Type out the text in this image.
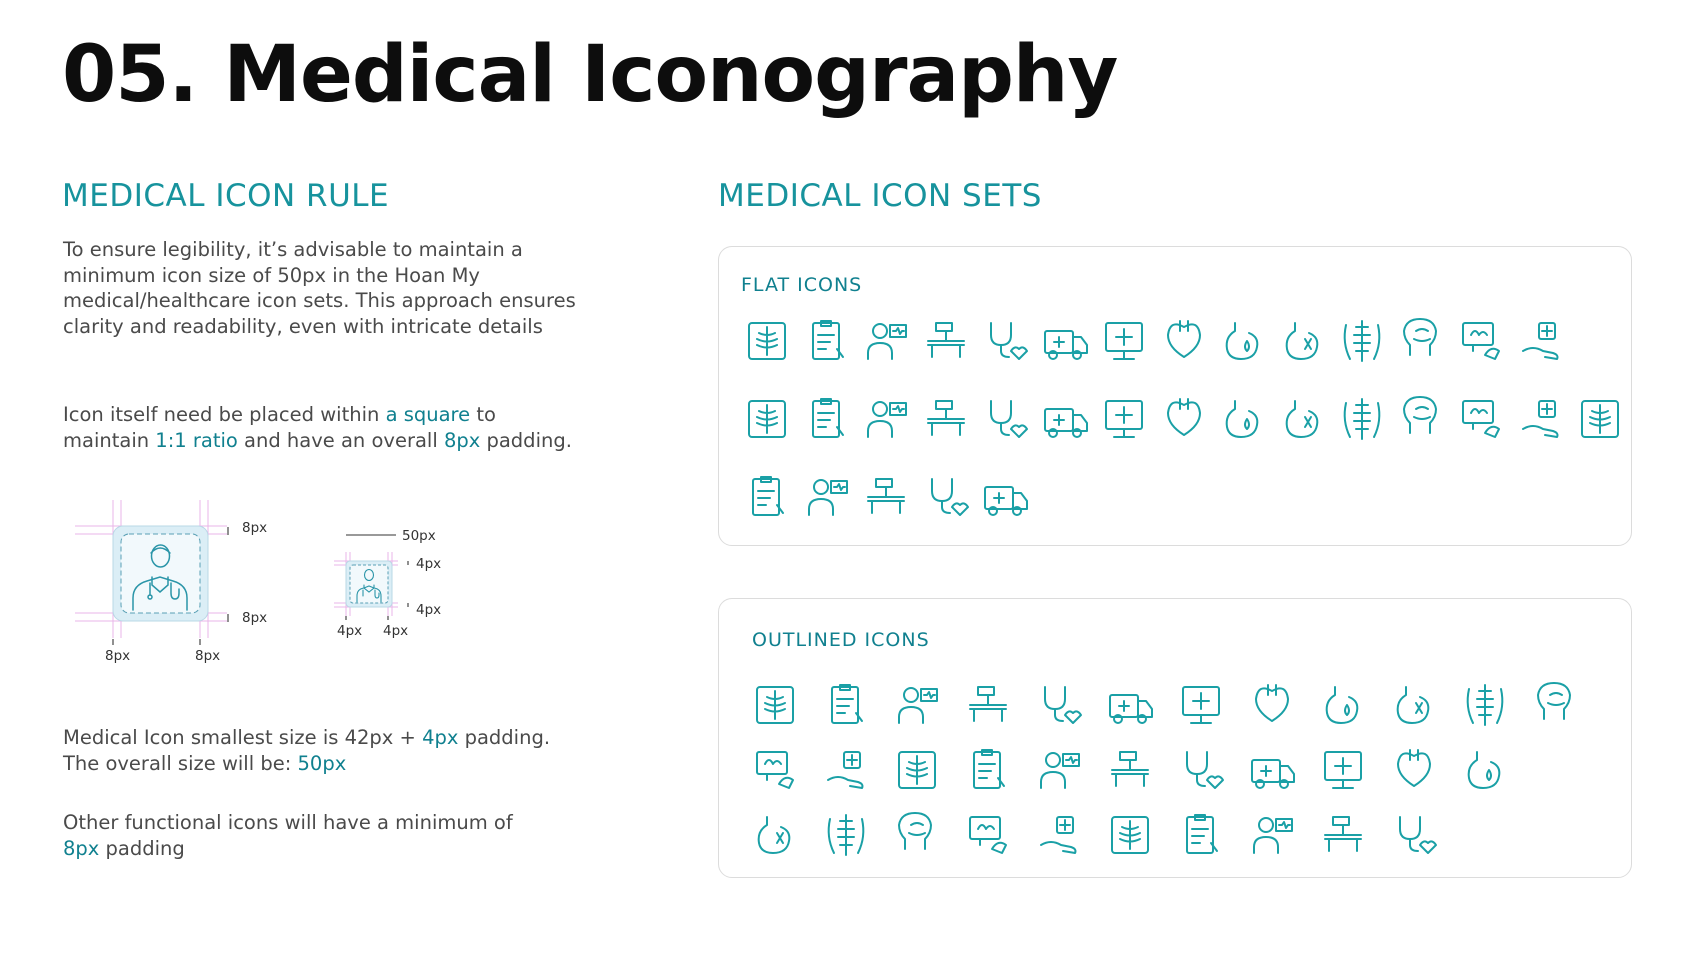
05. Medical Iconography
MEDICAL ICON RULE

To ensure legibility, it’s advisable to maintain a minimum icon size of 50px in the Hoan My medical/healthcare icon sets. This approach ensures clarity and readability, even with intricate details

Icon itself need be placed within a square to maintain 1:1 ratio and have an overall 8px padding.

8px
8px
8px	8px
50px
4px
4px
4px 4px

Medical Icon smallest size is 42px + 4px padding.
The overall size will be: 50px

Other functional icons will have a minimum of
8px padding

MEDICAL ICON SETS
FLAT ICONS
OUTLINED ICONS
